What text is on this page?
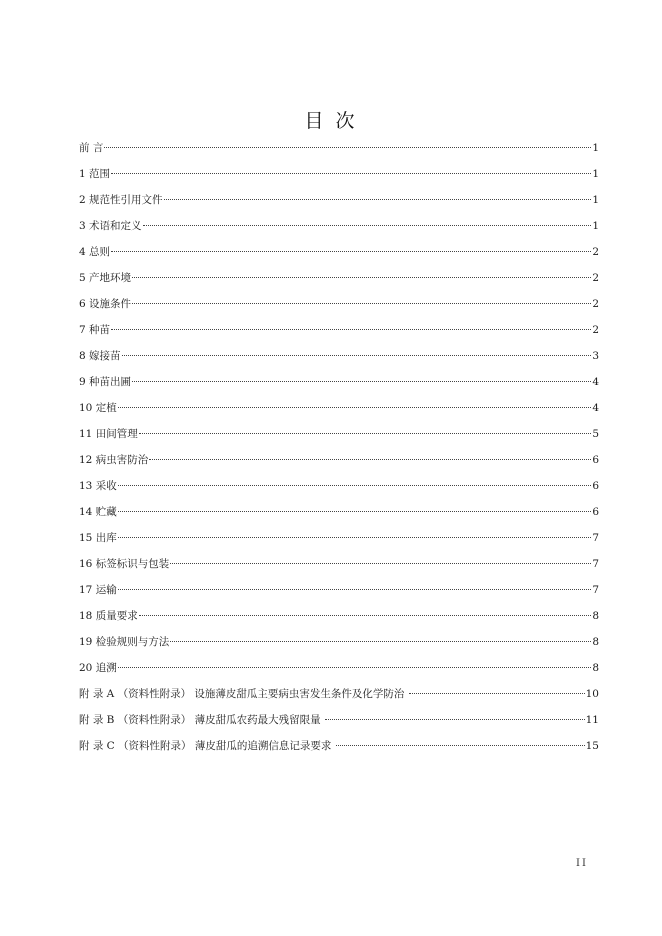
目 次
前 言	1
1 范围	1
2 规范性引用文件	1
3 术语和定义	1
4 总则	2
5 产地环境	2
6 设施条件	2
7 种苗	2
8 嫁接苗	3
9 种苗出圃	4
10 定植	4
11 田间管理	5
12 病虫害防治	6
13 采收	6
14 贮藏	6
15 出库	7
16 标签标识与包装	7
17 运输	7
18 质量要求	8
19 检验规则与方法	8
20 追溯	8
附 录 A （资料性附录） 设施薄皮甜瓜主要病虫害发生条件及化学防治	10
附 录 B （资料性附录） 薄皮甜瓜农药最大残留限量	11
附 录 C （资料性附录） 薄皮甜瓜的追溯信息记录要求	15
II
